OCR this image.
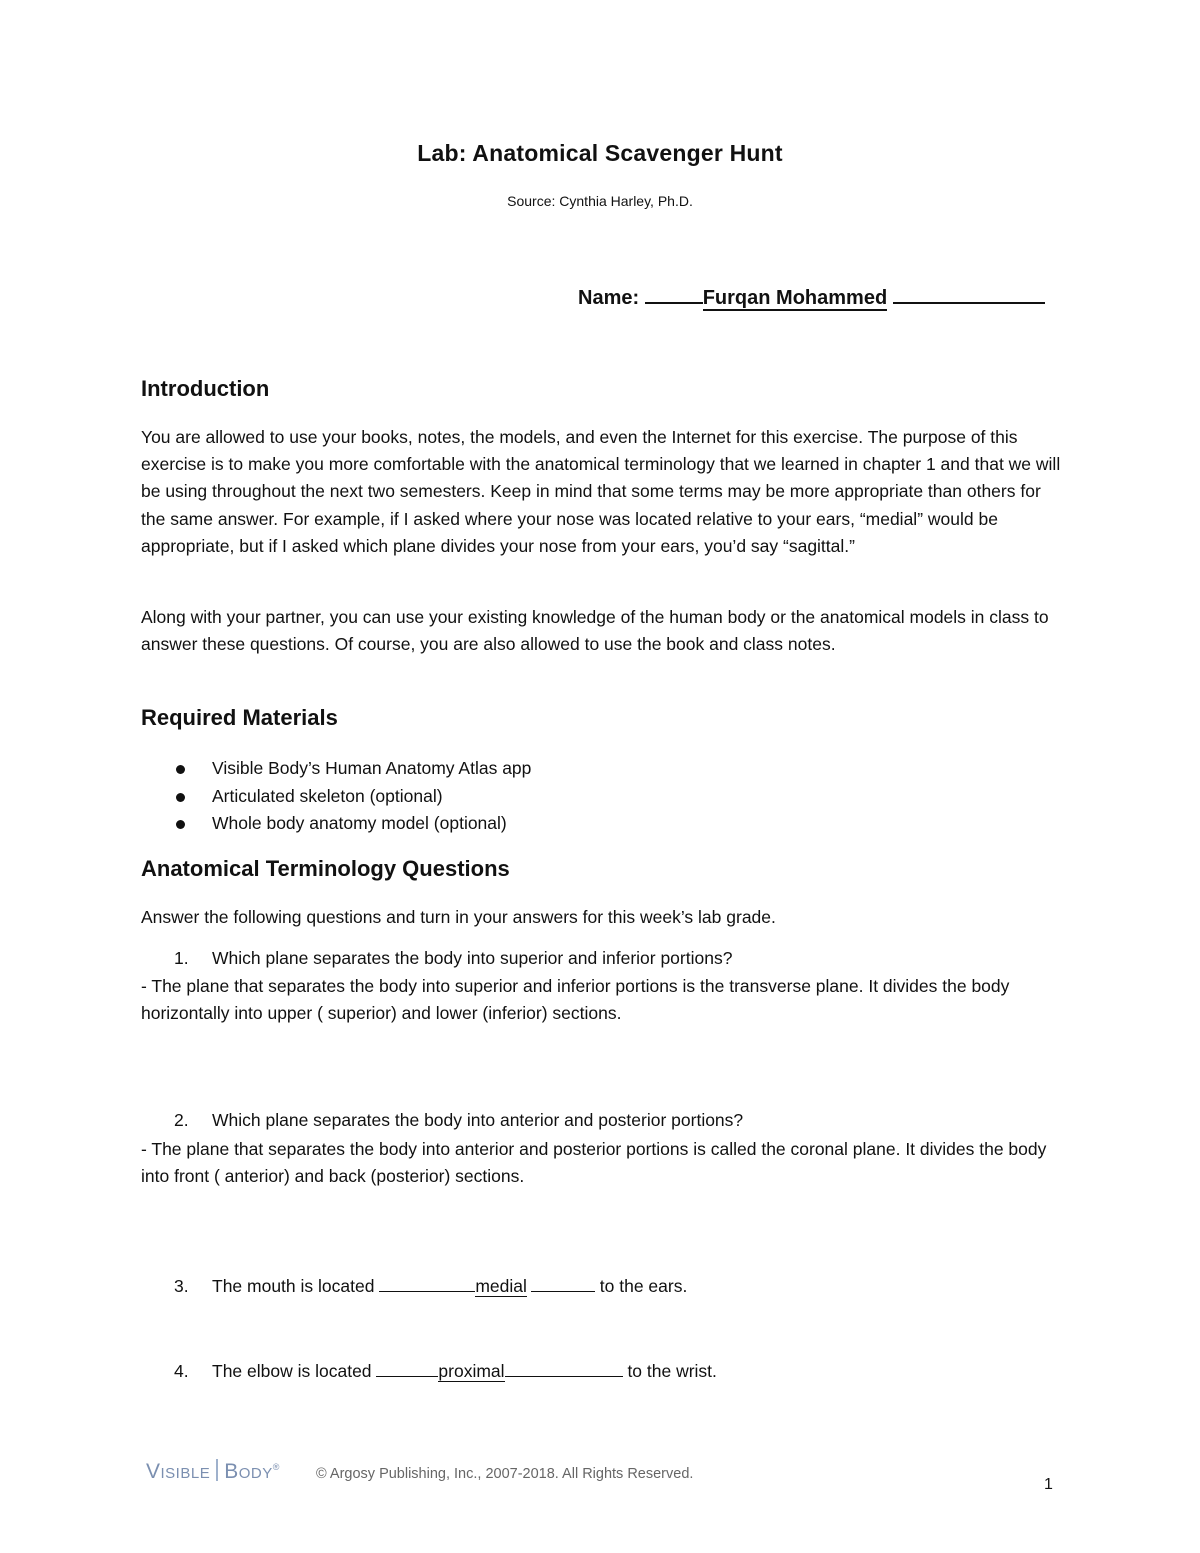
Lab: Anatomical Scavenger Hunt
Source: Cynthia Harley, Ph.D.
Name:	Furqan Mohammed
Introduction
You are allowed to use your books, notes, the models, and even the Internet for this exercise. The purpose of this exercise is to make you more comfortable with the anatomical terminology that we learned in chapter 1 and that we will be using throughout the next two semesters. Keep in mind that some terms may be more appropriate than others for the same answer. For example, if I asked where your nose was located relative to your ears, “medial” would be appropriate, but if I asked which plane divides your nose from your ears, you’d say “sagittal.”
Along with your partner, you can use your existing knowledge of the human body or the anatomical models in class to answer these questions. Of course, you are also allowed to use the book and class notes.
Required Materials
Visible Body’s Human Anatomy Atlas app
Articulated skeleton (optional)
Whole body anatomy model (optional)
Anatomical Terminology Questions
Answer the following questions and turn in your answers for this week’s lab grade.
1. Which plane separates the body into superior and inferior portions?
- The plane that separates the body into superior and inferior portions is the transverse plane. It divides the body horizontally into upper ( superior) and lower (inferior) sections.
2. Which plane separates the body into anterior and posterior portions?
- The plane that separates the body into anterior and posterior portions is called the coronal plane. It divides the body into front ( anterior) and back (posterior) sections.
3. The mouth is located	medial	to the ears.
4. The elbow is located	proximal	to the wrist.
Visible Body® © Argosy Publishing, Inc., 2007-2018. All Rights Reserved.
1
